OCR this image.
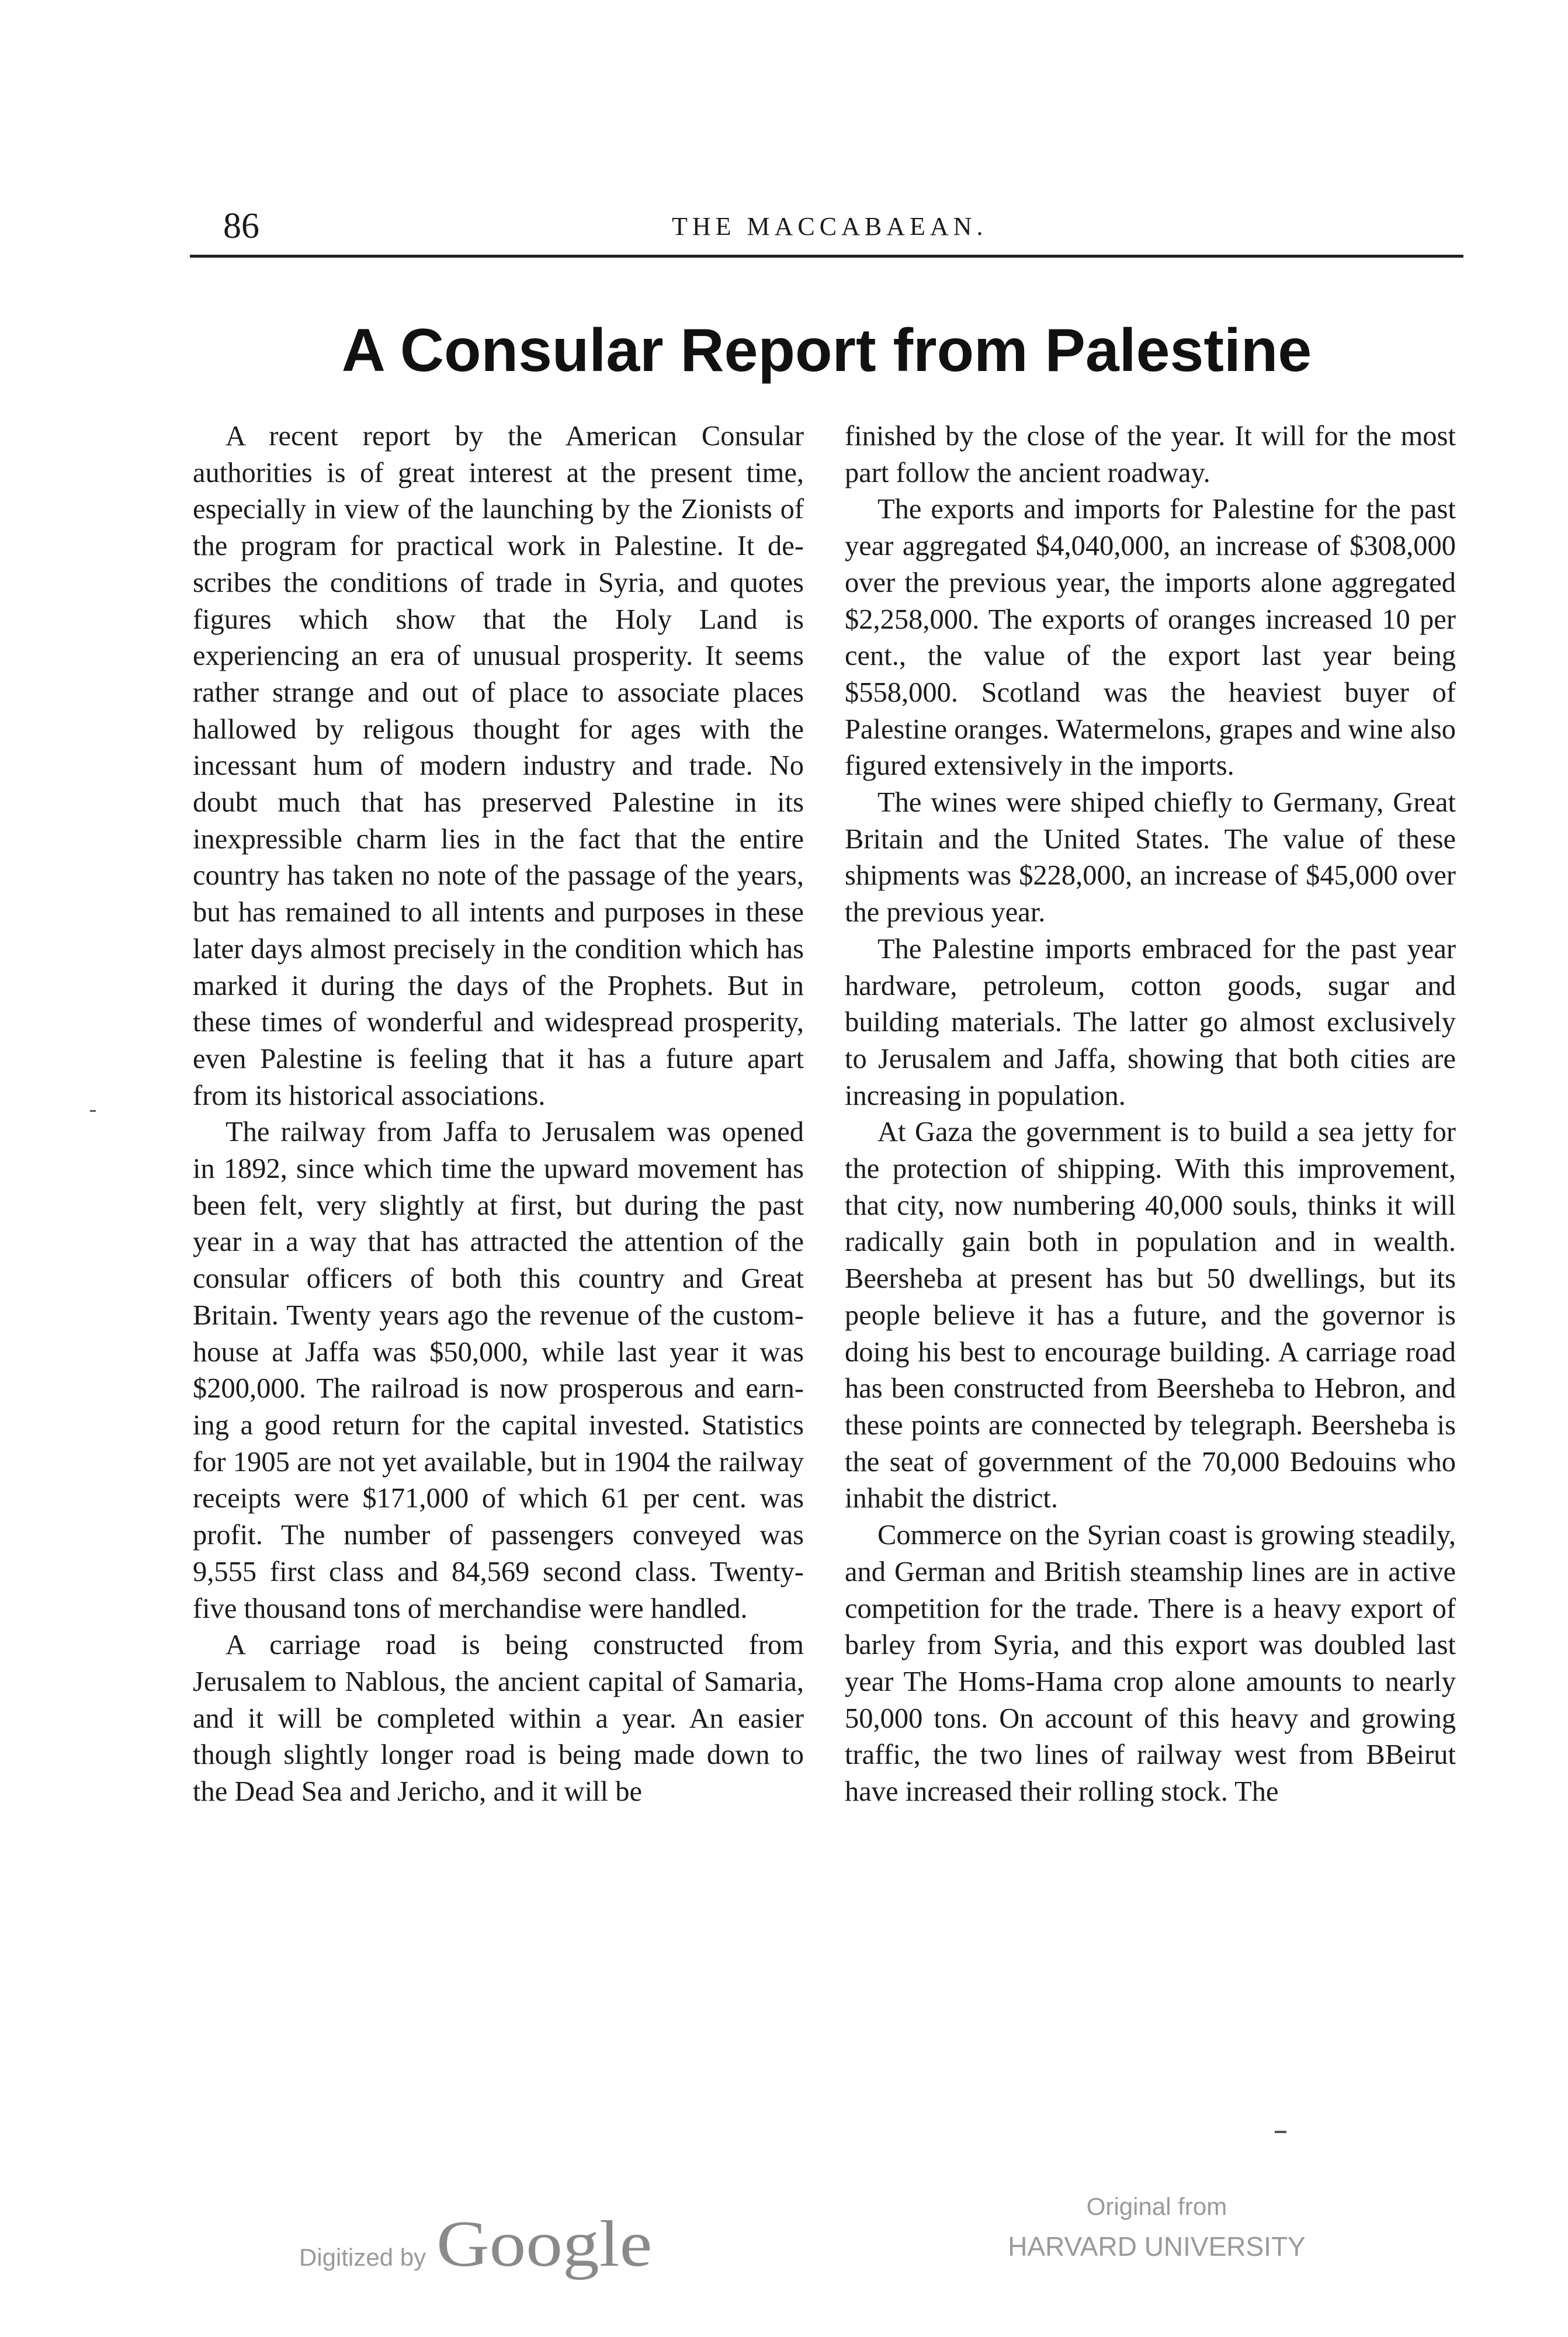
86	THE MACCABAEAN.
A Consular Report from Palestine

A recent report by the American Consular authorities is of great interest at the present time, especially in view of the launching by the Zionists of the program for practical work in Palestine. It describes the conditions of trade in Syria, and quotes figures which show that the Holy Land is experiencing an era of unusual prosperity. It seems rather strange and out of place to associate places hallowed by religous thought for ages with the incessant hum of modern industry and trade. No doubt much that has preserved Palestine in its inexpressible charm lies in the fact that the entire country has taken no note of the passage of the years, but has remained to all intents and purposes in these later days almost precisely in the condition which has marked it during the days of the Prophets. But in these times of wonderful and widespread prosperity, even Palestine is feeling that it has a future apart from its historical associations.

The railway from Jaffa to Jerusalem was opened in 1892, since which time the upward movement has been felt, very slightly at first, but during the past year in a way that has attracted the attention of the consular officers of both this country and Great Britain. Twenty years ago the revenue of the custom-house at Jaffa was $50,000, while last year it was $200,000. The railroad is now prosperous and earning a good return for the capital invested. Statistics for 1905 are not yet available, but in 1904 the railway receipts were $171,000 of which 61 per cent. was profit. The number of passengers conveyed was 9,555 first class and 84,569 second class. Twenty-five thousand tons of merchandise were handled.

A carriage road is being constructed from Jerusalem to Nablous, the ancient capital of Samaria, and it will be completed within a year. An easier though slightly longer road is being made down to the Dead Sea and Jericho, and it will be

finished by the close of the year. It will for the most part follow the ancient roadway.

The exports and imports for Palestine for the past year aggregated $4,040,000, an increase of $308,000 over the previous year, the imports alone aggregated $2,258,000. The exports of oranges increased 10 per cent., the value of the export last year being $558,000. Scotland was the heaviest buyer of Palestine oranges. Watermelons, grapes and wine also figured extensively in the imports.

The wines were shiped chiefly to Germany, Great Britain and the United States. The value of these shipments was $228,000, an increase of $45,000 over the previous year.

The Palestine imports embraced for the past year hardware, petroleum, cotton goods, sugar and building materials. The latter go almost exclusively to Jerusalem and Jaffa, showing that both cities are increasing in population.

At Gaza the government is to build a sea jetty for the protection of shipping. With this improvement, that city, now numbering 40,000 souls, thinks it will radically gain both in population and in wealth. Beersheba at present has but 50 dwellings, but its people believe it has a future, and the governor is doing his best to encourage building. A carriage road has been constructed from Beersheba to Hebron, and these points are connected by telegraph. Beersheba is the seat of government of the 70,000 Bedouins who inhabit the district.

Commerce on the Syrian coast is growing steadily, and German and British steamship lines are in active competition for the trade. There is a heavy export of barley from Syria, and this export was doubled last year The Homs-Hama crop alone amounts to nearly 50,000 tons. On account of this heavy and growing traffic, the two lines of railway west from BBeirut have increased their rolling stock. The

Digitized by Google
Original from
HARVARD UNIVERSITY
